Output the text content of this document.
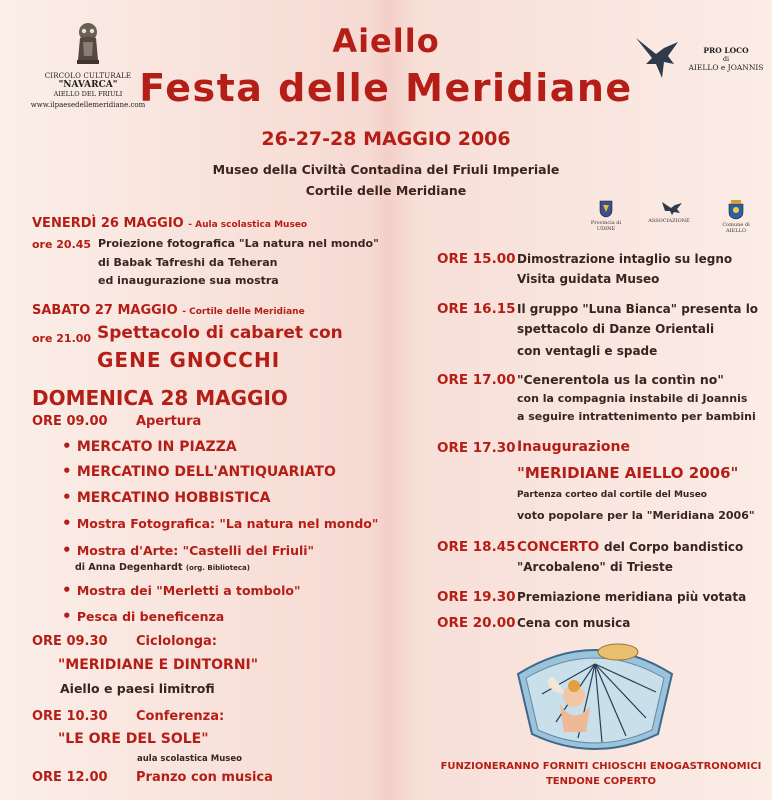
CIRCOLO CULTURALE
"NAVARCA"
AIELLO DEL FRIULI
www.ilpaesedellemeridiane.com
PRO LOCO
di
AIELLO e JOANNIS
Aiello
Festa delle Meridiane
26-27-28 MAGGIO 2006
Museo della Civiltà Contadina del Friuli Imperiale
Cortile delle Meridiane
Provincia di
UDINE
ASSOCIAZIONE
Comune di
AIELLO
VENERDÌ 26 MAGGIO - Aula scolastica Museo
ore 20.45 Proiezione fotografica "La natura nel mondo"
di Babak Tafreshi da Teheran
ed inaugurazione sua mostra
SABATO 27 MAGGIO - Cortile delle Meridiane
ore 21.00 Spettacolo di cabaret con
GENE GNOCCHI
DOMENICA 28 MAGGIO
ORE 09.00 Apertura
• MERCATO IN PIAZZA
• MERCATINO DELL'ANTIQUARIATO
• MERCATINO HOBBISTICA
• Mostra Fotografica: "La natura nel mondo"
• Mostra d'Arte: "Castelli del Friuli"
di Anna Degenhardt (org. Biblioteca)
• Mostra dei "Merletti a tombolo"
• Pesca di beneficenza
ORE 09.30 Ciclolonga:
"MERIDIANE E DINTORNI"
Aiello e paesi limitrofi
ORE 10.30 Conferenza:
"LE ORE DEL SOLE"
aula scolastica Museo
ORE 12.00 Pranzo con musica
ORE 15.00 Dimostrazione intaglio su legno
Visita guidata Museo
ORE 16.15 Il gruppo "Luna Bianca" presenta lo
spettacolo di Danze Orientali
con ventagli e spade
ORE 17.00 "Cenerentola us la contìn no"
con la compagnia instabile di Joannis
a seguire intrattenimento per bambini
ORE 17.30 Inaugurazione
"MERIDIANE AIELLO 2006"
Partenza corteo dal cortile del Museo
voto popolare per la "Meridiana 2006"
ORE 18.45 CONCERTO del Corpo bandistico
"Arcobaleno" di Trieste
ORE 19.30 Premiazione meridiana più votata
ORE 20.00 Cena con musica
FUNZIONERANNO FORNITI CHIOSCHI ENOGASTRONOMICI
TENDONE COPERTO
